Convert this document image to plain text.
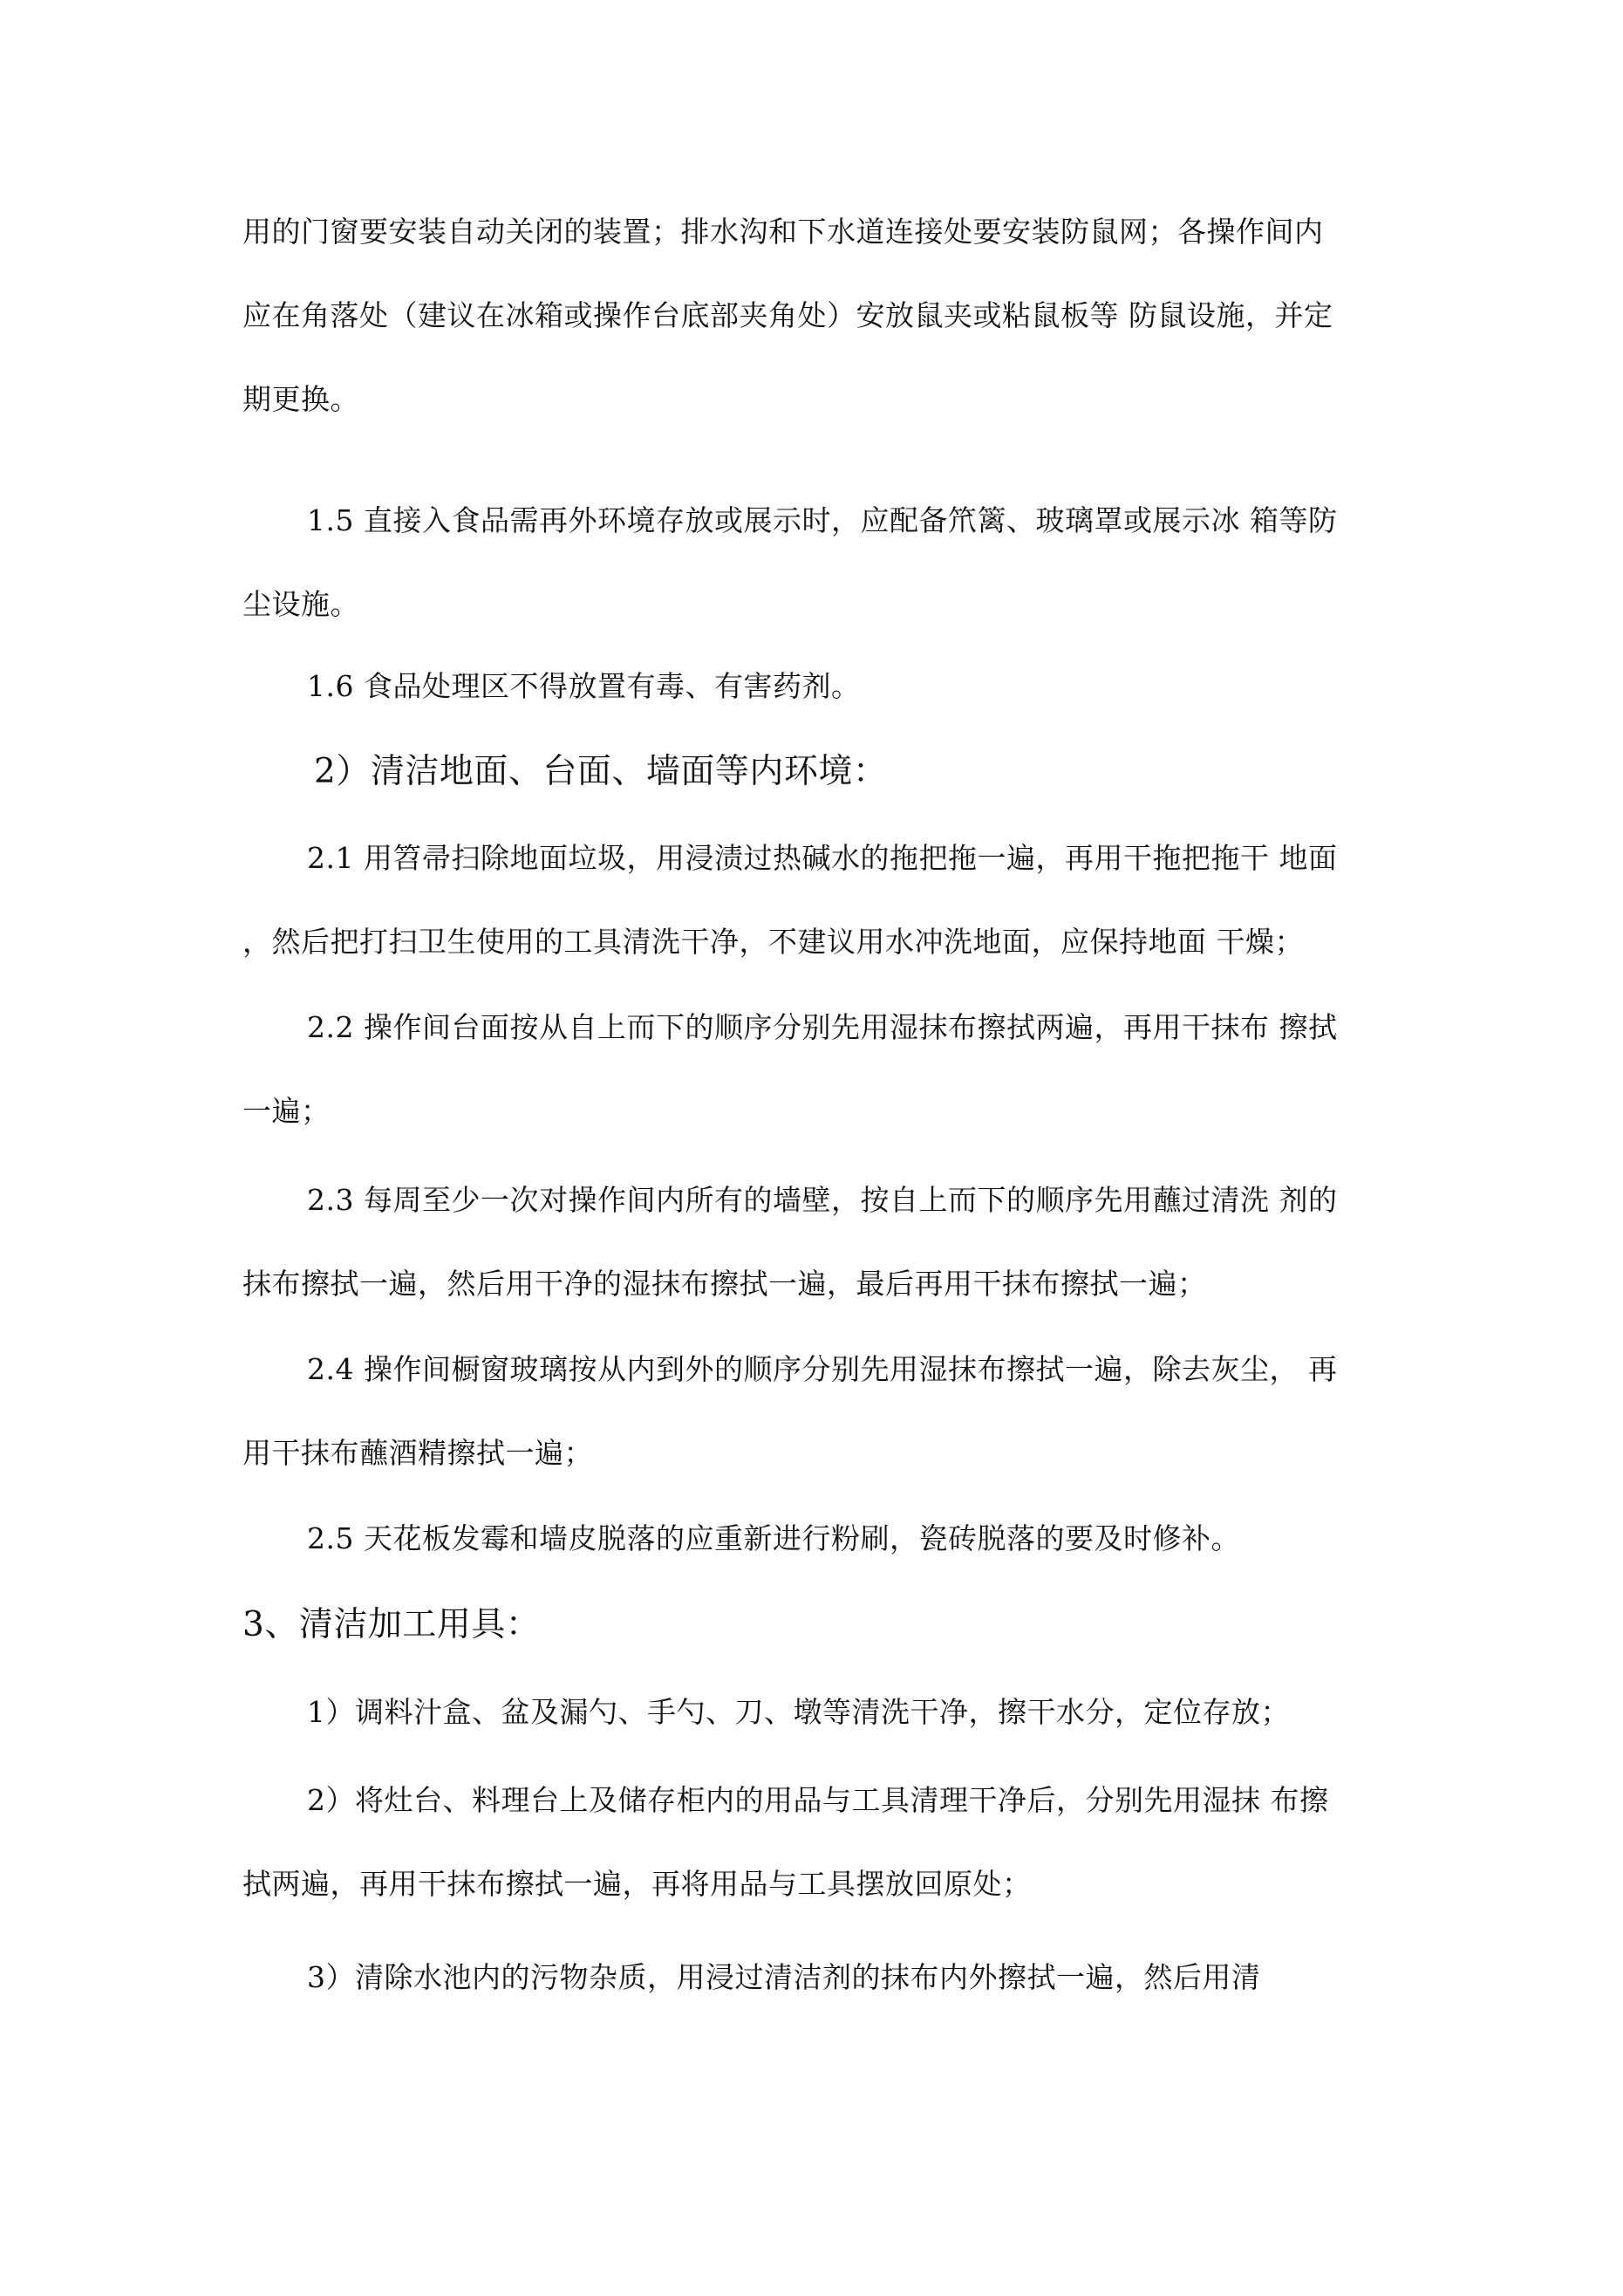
用的门窗要安装自动关闭的装置；排水沟和下水道连接处要安装防鼠网；各操作间内
应在角落处（建议在冰箱或操作台底部夹角处）安放鼠夹或粘鼠板等 防鼠设施，并定
期更换。
1.5 直接入食品需再外环境存放或展示时，应配备笊篱、玻璃罩或展示冰 箱等防
尘设施。
1.6 食品处理区不得放置有毒、有害药剂。
2）清洁地面、台面、墙面等内环境：
2.1 用笤帚扫除地面垃圾，用浸渍过热碱水的拖把拖一遍，再用干拖把拖干 地面
，然后把打扫卫生使用的工具清洗干净，不建议用水冲洗地面，应保持地面 干燥；
2.2 操作间台面按从自上而下的顺序分别先用湿抹布擦拭两遍，再用干抹布 擦拭
一遍；
2.3 每周至少一次对操作间内所有的墙壁，按自上而下的顺序先用蘸过清洗 剂的
抹布擦拭一遍，然后用干净的湿抹布擦拭一遍，最后再用干抹布擦拭一遍；
2.4 操作间橱窗玻璃按从内到外的顺序分别先用湿抹布擦拭一遍，除去灰尘， 再
用干抹布蘸酒精擦拭一遍；
2.5 天花板发霉和墙皮脱落的应重新进行粉刷，瓷砖脱落的要及时修补。
3、清洁加工用具：
1）调料汁盒、盆及漏勺、手勺、刀、墩等清洗干净，擦干水分，定位存放；
2）将灶台、料理台上及储存柜内的用品与工具清理干净后，分别先用湿抹 布擦
拭两遍，再用干抹布擦拭一遍，再将用品与工具摆放回原处；
3）清除水池内的污物杂质，用浸过清洁剂的抹布内外擦拭一遍，然后用清
